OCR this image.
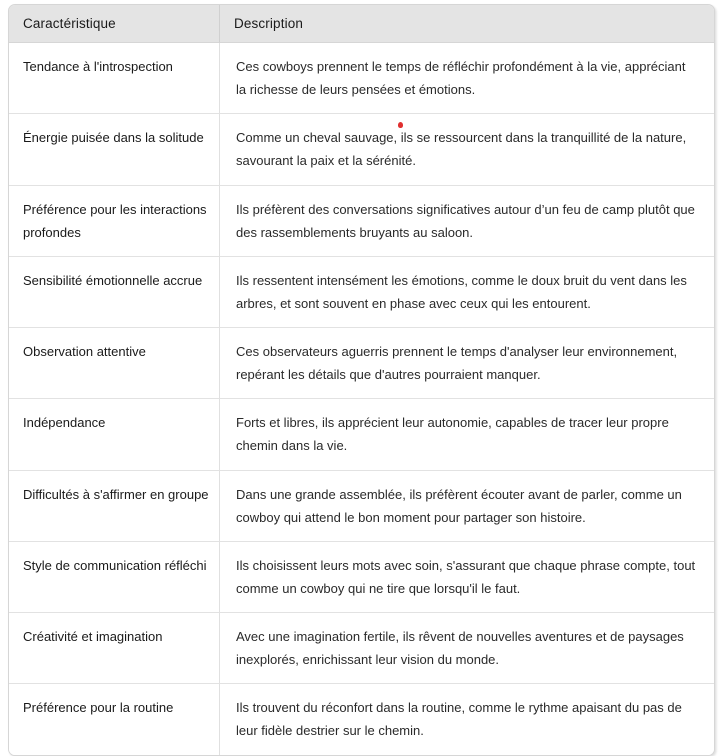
Caractéristique	Description
Tendance à l'introspection	Ces cowboys prennent le temps de réfléchir profondément à la vie, appréciant la richesse de leurs pensées et émotions.
Énergie puisée dans la solitude	Comme un cheval sauvage, ils se ressourcent dans la tranquillité de la nature, savourant la paix et la sérénité.
Préférence pour les interactions profondes	Ils préfèrent des conversations significatives autour d’un feu de camp plutôt que des rassemblements bruyants au saloon.
Sensibilité émotionnelle accrue	Ils ressentent intensément les émotions, comme le doux bruit du vent dans les arbres, et sont souvent en phase avec ceux qui les entourent.
Observation attentive	Ces observateurs aguerris prennent le temps d'analyser leur environnement, repérant les détails que d'autres pourraient manquer.
Indépendance	Forts et libres, ils apprécient leur autonomie, capables de tracer leur propre chemin dans la vie.
Difficultés à s'affirmer en groupe	Dans une grande assemblée, ils préfèrent écouter avant de parler, comme un cowboy qui attend le bon moment pour partager son histoire.
Style de communication réfléchi	Ils choisissent leurs mots avec soin, s'assurant que chaque phrase compte, tout comme un cowboy qui ne tire que lorsqu'il le faut.
Créativité et imagination	Avec une imagination fertile, ils rêvent de nouvelles aventures et de paysages inexplorés, enrichissant leur vision du monde.
Préférence pour la routine	Ils trouvent du réconfort dans la routine, comme le rythme apaisant du pas de leur fidèle destrier sur le chemin.
